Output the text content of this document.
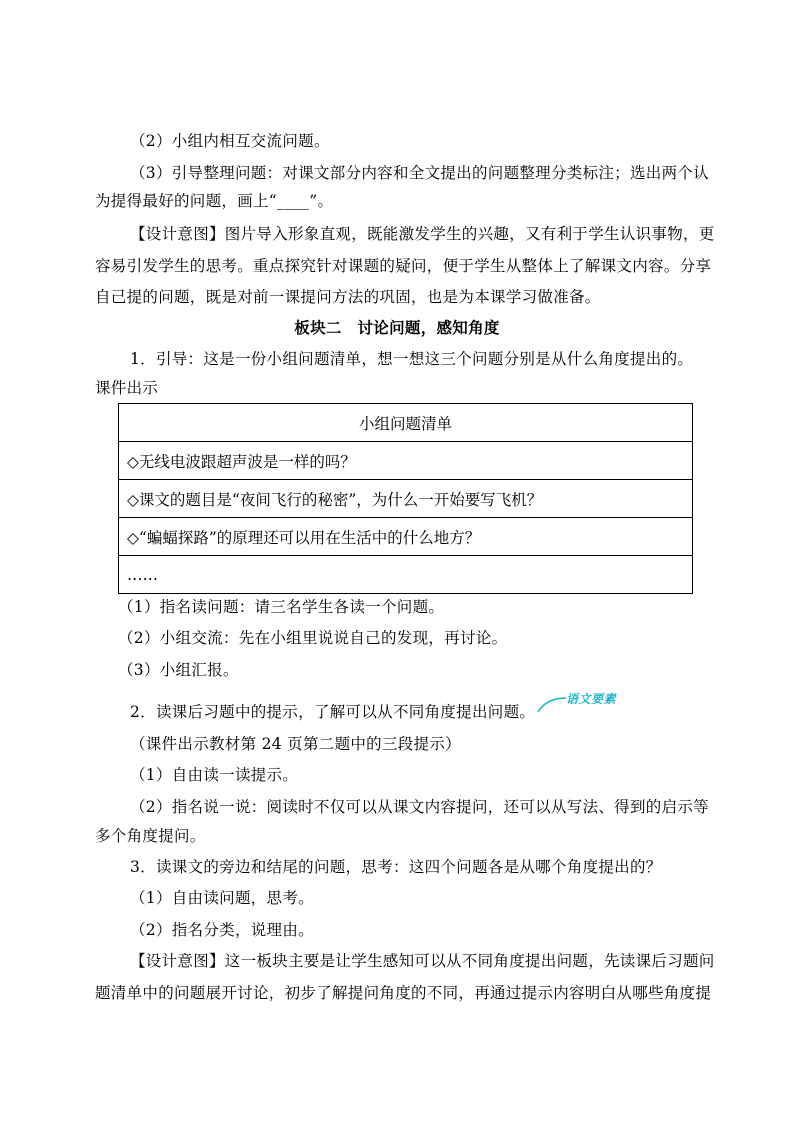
（2）小组内相互交流问题。
（3）引导整理问题：对课文部分内容和全文提出的问题整理分类标注；选出两个认
为提得最好的问题，画上“____”。
【设计意图】图片导入形象直观，既能激发学生的兴趣，又有利于学生认识事物，更
容易引发学生的思考。重点探究针对课题的疑问，便于学生从整体上了解课文内容。分享
自己提的问题，既是对前一课提问方法的巩固，也是为本课学习做准备。
板块二　讨论问题，感知角度
1．引导：这是一份小组问题清单，想一想这三个问题分别是从什么角度提出的。
课件出示
小组问题清单
◇无线电波跟超声波是一样的吗？
◇课文的题目是“夜间飞行的秘密”，为什么一开始要写飞机？
◇“蝙蝠探路”的原理还可以用在生活中的什么地方？
……
（1）指名读问题：请三名学生各读一个问题。
（2）小组交流：先在小组里说说自己的发现，再讨论。
（3）小组汇报。
2．读课后习题中的提示，了解可以从不同角度提出问题。
语文要素
（课件出示教材第 24 页第二题中的三段提示）
（1）自由读一读提示。
（2）指名说一说：阅读时不仅可以从课文内容提问，还可以从写法、得到的启示等
多个角度提问。
3．读课文的旁边和结尾的问题，思考：这四个问题各是从哪个角度提出的？
（1）自由读问题，思考。
（2）指名分类，说理由。
【设计意图】这一板块主要是让学生感知可以从不同角度提出问题，先读课后习题问
题清单中的问题展开讨论，初步了解提问角度的不同，再通过提示内容明白从哪些角度提
